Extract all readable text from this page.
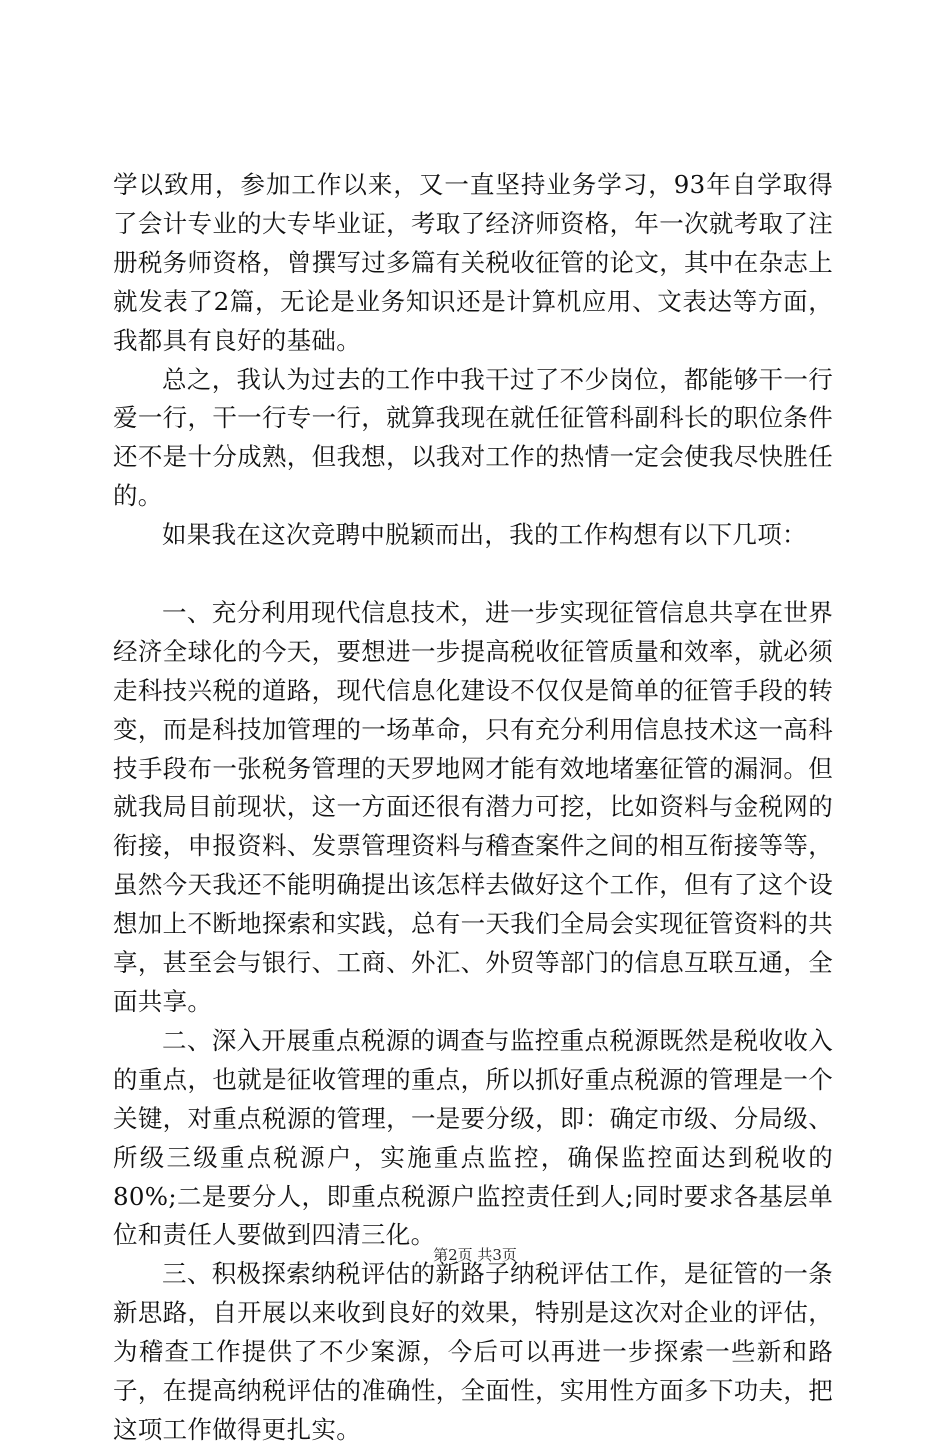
学以致用，参加工作以来，又一直坚持业务学习，93年自学取得了会计专业的大专毕业证，考取了经济师资格，年一次就考取了注册税务师资格，曾撰写过多篇有关税收征管的论文，其中在杂志上就发表了2篇，无论是业务知识还是计算机应用、文表达等方面，我都具有良好的基础。

总之，我认为过去的工作中我干过了不少岗位，都能够干一行爱一行，干一行专一行，就算我现在就任征管科副科长的职位条件还不是十分成熟，但我想，以我对工作的热情一定会使我尽快胜任的。

如果我在这次竞聘中脱颖而出，我的工作构想有以下几项：

一、充分利用现代信息技术，进一步实现征管信息共享在世界经济全球化的今天，要想进一步提高税收征管质量和效率，就必须走科技兴税的道路，现代信息化建设不仅仅是简单的征管手段的转变，而是科技加管理的一场革命，只有充分利用信息技术这一高科技手段布一张税务管理的天罗地网才能有效地堵塞征管的漏洞。但就我局目前现状，这一方面还很有潜力可挖，比如资料与金税网的衔接，申报资料、发票管理资料与稽查案件之间的相互衔接等等，虽然今天我还不能明确提出该怎样去做好这个工作，但有了这个设想加上不断地探索和实践，总有一天我们全局会实现征管资料的共享，甚至会与银行、工商、外汇、外贸等部门的信息互联互通，全面共享。

二、深入开展重点税源的调查与监控重点税源既然是税收收入的重点，也就是征收管理的重点，所以抓好重点税源的管理是一个关键，对重点税源的管理，一是要分级，即：确定市级、分局级、所级三级重点税源户，实施重点监控，确保监控面达到税收的80%;二是要分人，即重点税源户监控责任到人;同时要求各基层单位和责任人要做到四清三化。

三、积极探索纳税评估的新路子纳税评估工作，是征管的一条新思路，自开展以来收到良好的效果，特别是这次对企业的评估，为稽查工作提供了不少案源，今后可以再进一步探索一些新和路子，在提高纳税评估的准确性，全面性，实用性方面多下功夫，把这项工作做得更扎实。

第2页 共3页
